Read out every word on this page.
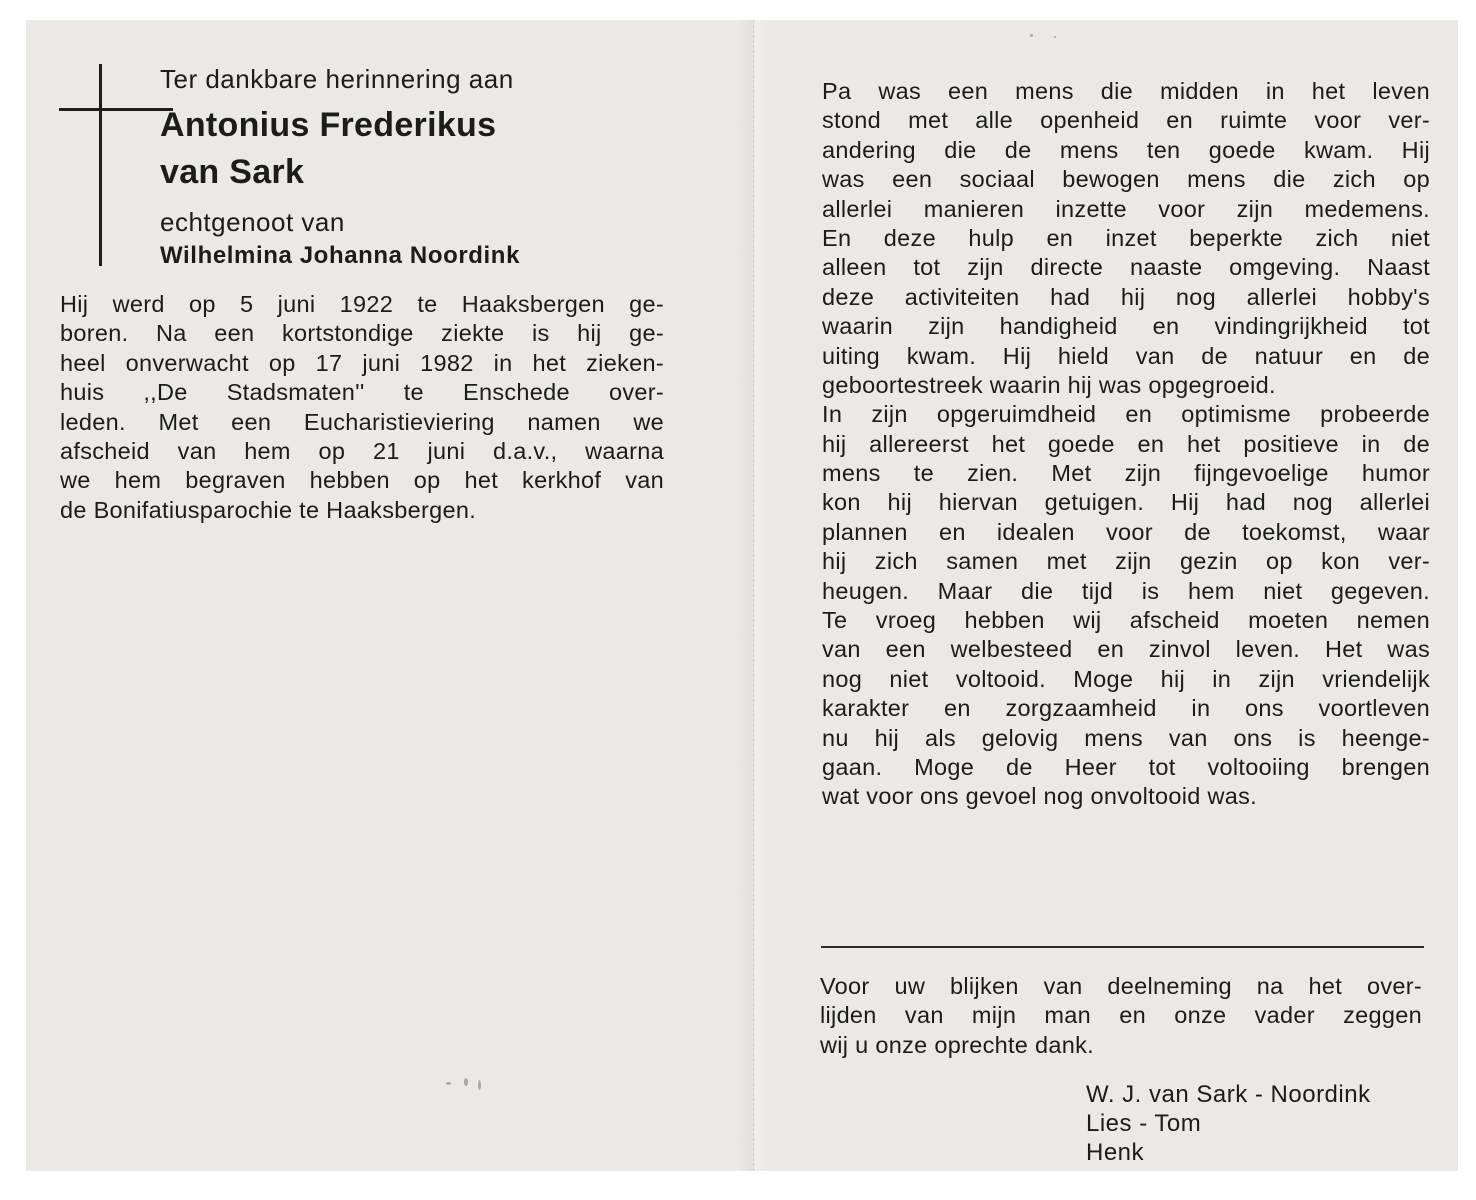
Ter dankbare herinnering aan
Antonius Frederikus
van Sark
echtgenoot van
Wilhelmina Johanna Noordink
Hij werd op 5 juni 1922 te Haaksbergen ge-
boren. Na een kortstondige ziekte is hij ge-
heel onverwacht op 17 juni 1982 in het zieken-
huis ,,De Stadsmaten'' te Enschede over-
leden. Met een Eucharistieviering namen we
afscheid van hem op 21 juni d.a.v., waarna
we hem begraven hebben op het kerkhof van
de Bonifatiusparochie te Haaksbergen.
Pa was een mens die midden in het leven
stond met alle openheid en ruimte voor ver-
andering die de mens ten goede kwam. Hij
was een sociaal bewogen mens die zich op
allerlei manieren inzette voor zijn medemens.
En deze hulp en inzet beperkte zich niet
alleen tot zijn directe naaste omgeving. Naast
deze activiteiten had hij nog allerlei hobby's
waarin zijn handigheid en vindingrijkheid tot
uiting kwam. Hij hield van de natuur en de
geboortestreek waarin hij was opgegroeid.
In zijn opgeruimdheid en optimisme probeerde
hij allereerst het goede en het positieve in de
mens te zien. Met zijn fijngevoelige humor
kon hij hiervan getuigen. Hij had nog allerlei
plannen en idealen voor de toekomst, waar
hij zich samen met zijn gezin op kon ver-
heugen. Maar die tijd is hem niet gegeven.
Te vroeg hebben wij afscheid moeten nemen
van een welbesteed en zinvol leven. Het was
nog niet voltooid. Moge hij in zijn vriendelijk
karakter en zorgzaamheid in ons voortleven
nu hij als gelovig mens van ons is heenge-
gaan. Moge de Heer tot voltooiing brengen
wat voor ons gevoel nog onvoltooid was.
Voor uw blijken van deelneming na het over-
lijden van mijn man en onze vader zeggen
wij u onze oprechte dank.
W. J. van Sark - Noordink
Lies - Tom
Henk
